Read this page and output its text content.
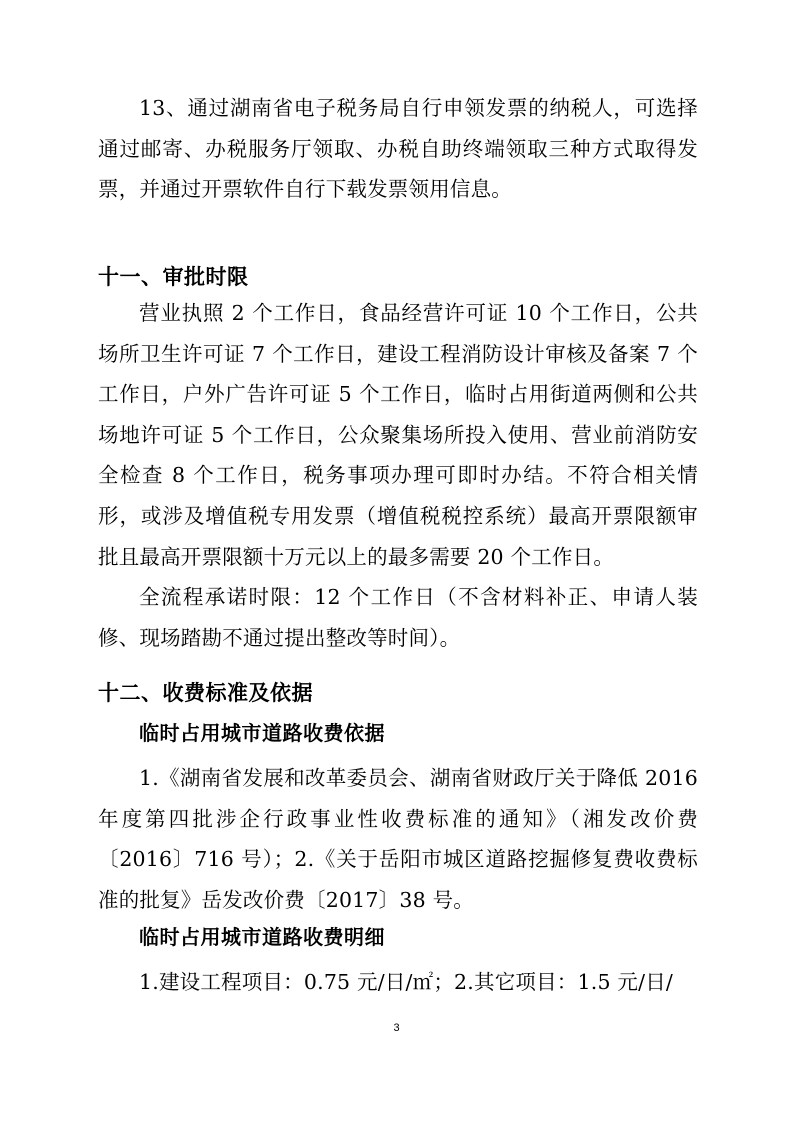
13、通过湖南省电子税务局自行申领发票的纳税人，可选择通过邮寄、办税服务厅领取、办税自助终端领取三种方式取得发票，并通过开票软件自行下载发票领用信息。

十一、审批时限

营业执照 2 个工作日，食品经营许可证 10 个工作日，公共场所卫生许可证 7 个工作日，建设工程消防设计审核及备案 7 个工作日，户外广告许可证 5 个工作日，临时占用街道两侧和公共场地许可证 5 个工作日，公众聚集场所投入使用、营业前消防安全检查 8 个工作日，税务事项办理可即时办结。不符合相关情形，或涉及增值税专用发票（增值税税控系统）最高开票限额审批且最高开票限额十万元以上的最多需要 20 个工作日。

全流程承诺时限：12 个工作日（不含材料补正、申请人装修、现场踏勘不通过提出整改等时间）。

十二、收费标准及依据
临时占用城市道路收费依据

1.《湖南省发展和改革委员会、湖南省财政厅关于降低 2016 年度第四批涉企行政事业性收费标准的通知》（湘发改价费〔2016〕716 号）；2.《关于岳阳市城区道路挖掘修复费收费标准的批复》岳发改价费〔2017〕38 号。

临时占用城市道路收费明细

1.建设工程项目：0.75 元/日/㎡；2.其它项目：1.5 元/日/

3
